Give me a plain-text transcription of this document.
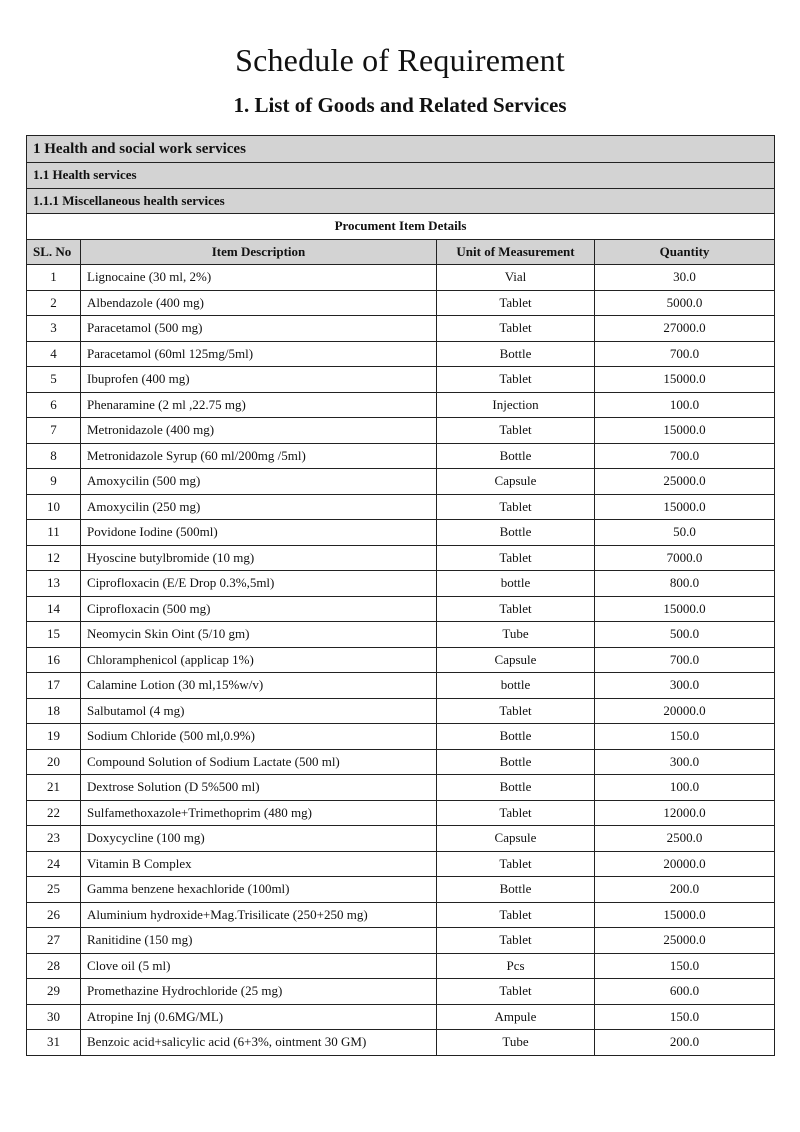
Schedule of Requirement
1. List of Goods and Related Services
1 Health and social work services			
1.1 Health services			
1.1.1 Miscellaneous health services			
Procument Item Details			
SL. No	Item Description	Unit of Measurement	Quantity
1	Lignocaine (30 ml, 2%)	Vial	30.0
2	Albendazole (400 mg)	Tablet	5000.0
3	Paracetamol (500 mg)	Tablet	27000.0
4	Paracetamol (60ml 125mg/5ml)	Bottle	700.0
5	Ibuprofen (400 mg)	Tablet	15000.0
6	Phenaramine (2 ml ,22.75 mg)	Injection	100.0
7	Metronidazole (400 mg)	Tablet	15000.0
8	Metronidazole Syrup (60 ml/200mg /5ml)	Bottle	700.0
9	Amoxycilin (500 mg)	Capsule	25000.0
10	Amoxycilin (250 mg)	Tablet	15000.0
11	Povidone Iodine (500ml)	Bottle	50.0
12	Hyoscine butylbromide (10 mg)	Tablet	7000.0
13	Ciprofloxacin (E/E Drop 0.3%,5ml)	bottle	800.0
14	Ciprofloxacin (500 mg)	Tablet	15000.0
15	Neomycin Skin Oint (5/10 gm)	Tube	500.0
16	Chloramphenicol (applicap 1%)	Capsule	700.0
17	Calamine Lotion (30 ml,15%w/v)	bottle	300.0
18	Salbutamol (4 mg)	Tablet	20000.0
19	Sodium Chloride (500 ml,0.9%)	Bottle	150.0
20	Compound Solution of Sodium Lactate (500 ml)	Bottle	300.0
21	Dextrose Solution (D 5%500 ml)	Bottle	100.0
22	Sulfamethoxazole+Trimethoprim (480 mg)	Tablet	12000.0
23	Doxycycline (100 mg)	Capsule	2500.0
24	Vitamin B Complex	Tablet	20000.0
25	Gamma benzene hexachloride (100ml)	Bottle	200.0
26	Aluminium hydroxide+Mag.Trisilicate (250+250 mg)	Tablet	15000.0
27	Ranitidine (150 mg)	Tablet	25000.0
28	Clove oil (5 ml)	Pcs	150.0
29	Promethazine Hydrochloride (25 mg)	Tablet	600.0
30	Atropine Inj (0.6MG/ML)	Ampule	150.0
31	Benzoic acid+salicylic acid (6+3%, ointment 30 GM)	Tube	200.0
